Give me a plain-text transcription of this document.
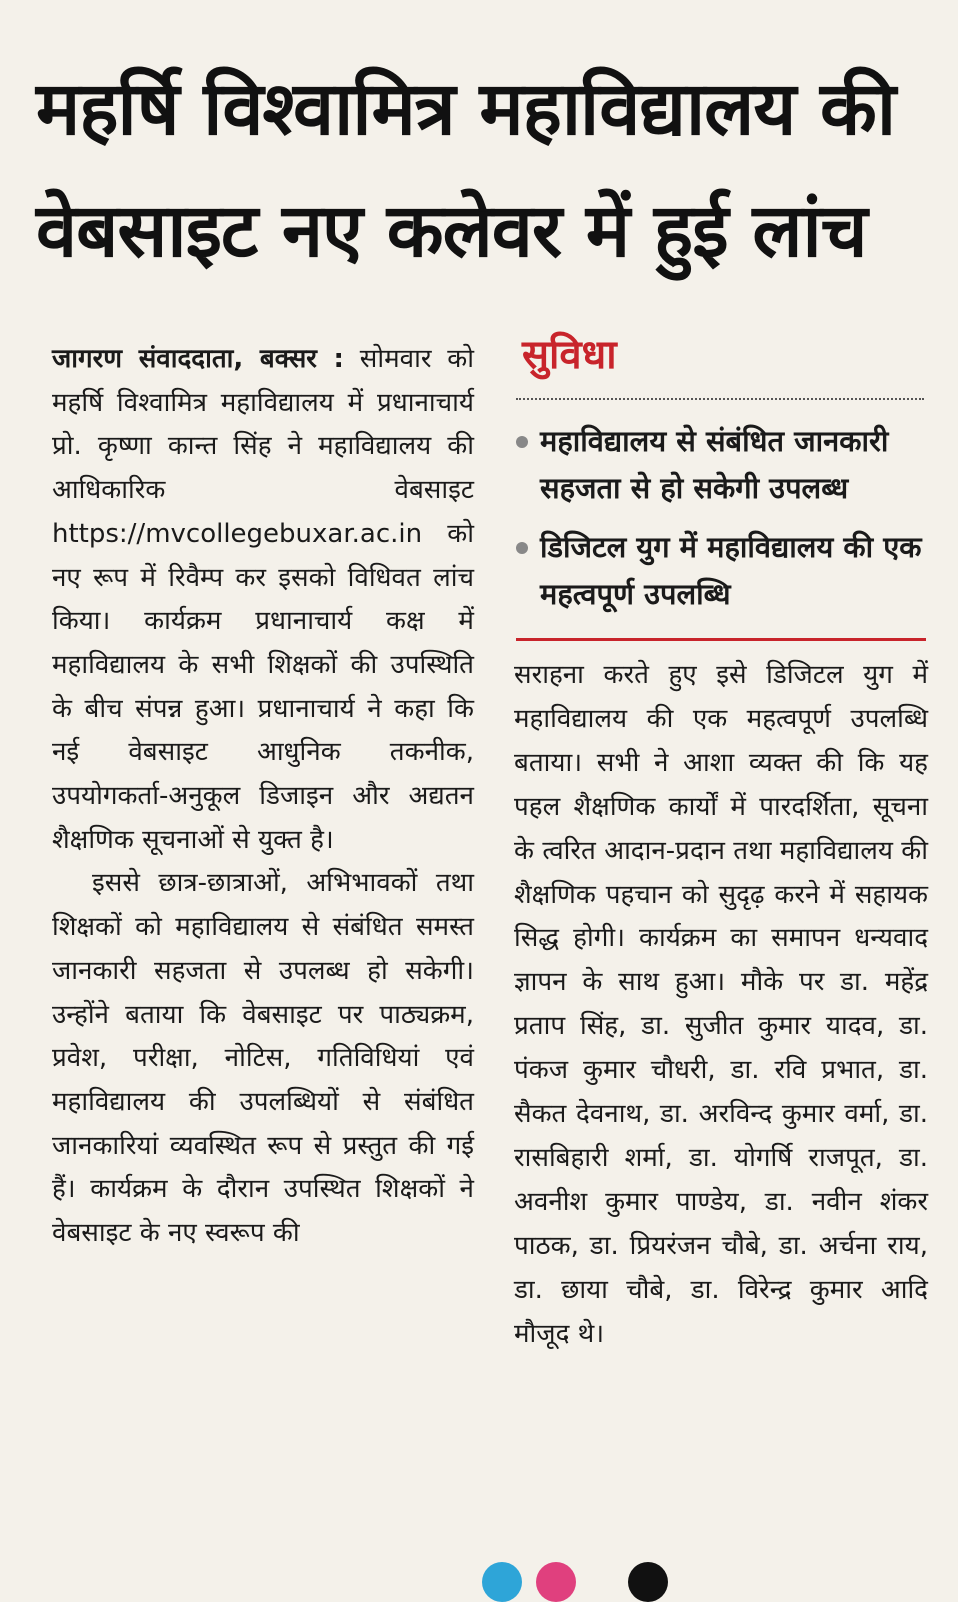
महर्षि विश्वामित्र महाविद्यालय की
वेबसाइट नए कलेवर में हुई लांच

जागरण संवाददाता, बक्सर : सोमवार को महर्षि विश्वामित्र महाविद्यालय में प्रधानाचार्य प्रो. कृष्णा कान्त सिंह ने महाविद्यालय की आधिकारिक वेबसाइट https://mvcollegebuxar.ac.in को नए रूप में रिवैम्प कर इसको विधिवत लांच किया। कार्यक्रम प्रधानाचार्य कक्ष में महाविद्यालय के सभी शिक्षकों की उपस्थिति के बीच संपन्न हुआ। प्रधानाचार्य ने कहा कि नई वेबसाइट आधुनिक तकनीक, उपयोगकर्ता-अनुकूल डिजाइन और अद्यतन शैक्षणिक सूचनाओं से युक्त है।

इससे छात्र-छात्राओं, अभिभावकों तथा शिक्षकों को महाविद्यालय से संबंधित समस्त जानकारी सहजता से उपलब्ध हो सकेगी। उन्होंने बताया कि वेबसाइट पर पाठ्यक्रम, प्रवेश, परीक्षा, नोटिस, गतिविधियां एवं महाविद्यालय की उपलब्धियों से संबंधित जानकारियां व्यवस्थित रूप से प्रस्तुत की गई हैं। कार्यक्रम के दौरान उपस्थित शिक्षकों ने वेबसाइट के नए स्वरूप की

सुविधा
महाविद्यालय से संबंधित जानकारी सहजता से हो सकेगी उपलब्ध
डिजिटल युग में महाविद्यालय की एक महत्वपूर्ण उपलब्धि
सराहना करते हुए इसे डिजिटल युग में महाविद्यालय की एक महत्वपूर्ण उपलब्धि बताया। सभी ने आशा व्यक्त की कि यह पहल शैक्षणिक कार्यों में पारदर्शिता, सूचना के त्वरित आदान-प्रदान तथा महाविद्यालय की शैक्षणिक पहचान को सुदृढ़ करने में सहायक सिद्ध होगी। कार्यक्रम का समापन धन्यवाद ज्ञापन के साथ हुआ। मौके पर डा. महेंद्र प्रताप सिंह, डा. सुजीत कुमार यादव, डा. पंकज कुमार चौधरी, डा. रवि प्रभात, डा. सैकत देवनाथ, डा. अरविन्द कुमार वर्मा, डा. रासबिहारी शर्मा, डा. योगर्षि राजपूत, डा. अवनीश कुमार पाण्डेय, डा. नवीन शंकर पाठक, डा. प्रियरंजन चौबे, डा. अर्चना राय, डा. छाया चौबे, डा. विरेन्द्र कुमार आदि मौजूद थे।
